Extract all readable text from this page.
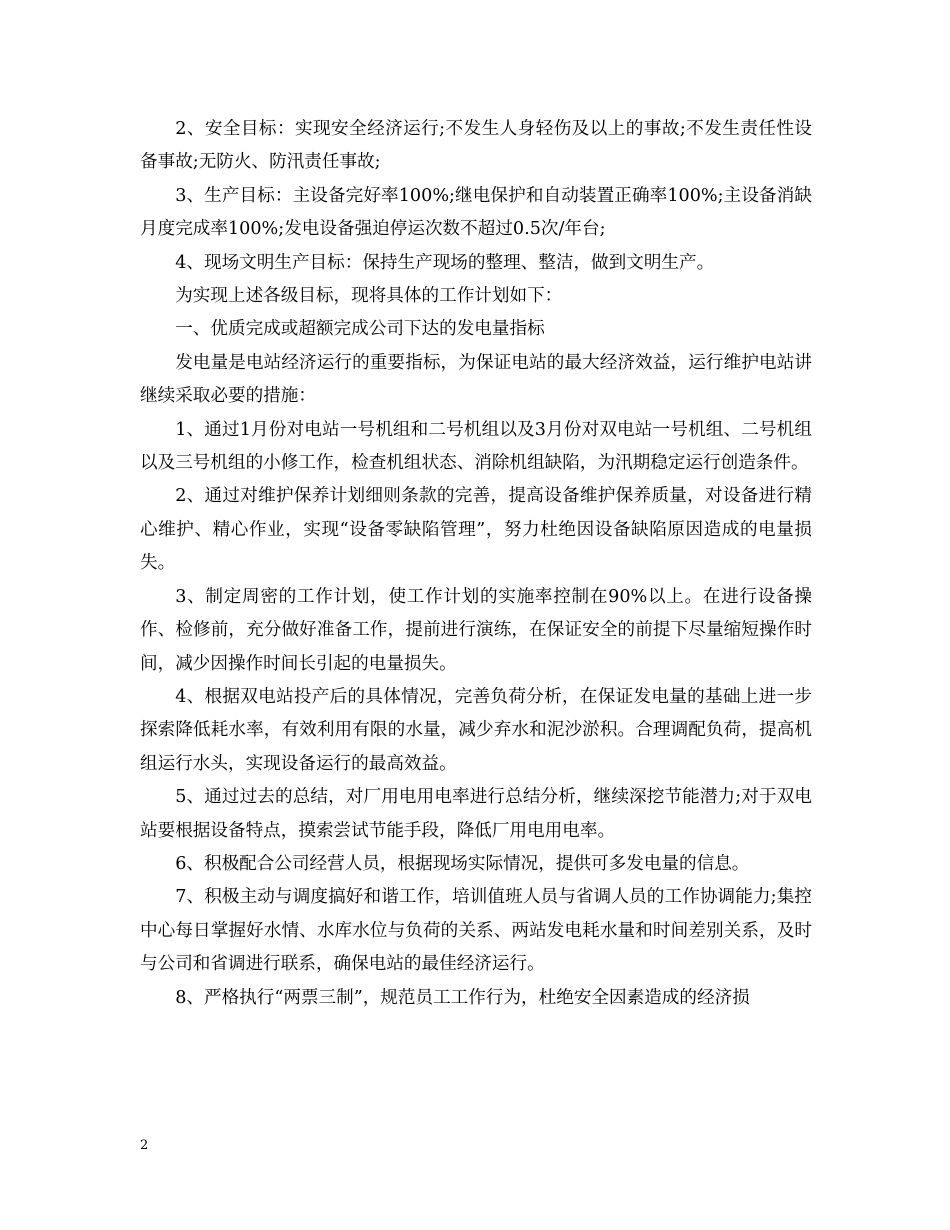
2、安全目标：实现安全经济运行;不发生人身轻伤及以上的事故;不发生责任性设备事故;无防火、防汛责任事故;

3、生产目标：主设备完好率100%;继电保护和自动装置正确率100%;主设备消缺月度完成率100%;发电设备强迫停运次数不超过0.5次/年台;

4、现场文明生产目标：保持生产现场的整理、整洁，做到文明生产。

为实现上述各级目标，现将具体的工作计划如下：

一、优质完成或超额完成公司下达的发电量指标

发电量是电站经济运行的重要指标，为保证电站的最大经济效益，运行维护电站讲继续采取必要的措施：

1、通过1月份对电站一号机组和二号机组以及3月份对双电站一号机组、二号机组以及三号机组的小修工作，检查机组状态、消除机组缺陷，为汛期稳定运行创造条件。

2、通过对维护保养计划细则条款的完善，提高设备维护保养质量，对设备进行精心维护、精心作业，实现“设备零缺陷管理”，努力杜绝因设备缺陷原因造成的电量损失。

3、制定周密的工作计划，使工作计划的实施率控制在90%以上。在进行设备操作、检修前，充分做好准备工作，提前进行演练，在保证安全的前提下尽量缩短操作时间，减少因操作时间长引起的电量损失。

4、根据双电站投产后的具体情况，完善负荷分析，在保证发电量的基础上进一步探索降低耗水率，有效利用有限的水量，减少弃水和泥沙淤积。合理调配负荷，提高机组运行水头，实现设备运行的最高效益。

5、通过过去的总结，对厂用电用电率进行总结分析，继续深挖节能潜力;对于双电站要根据设备特点，摸索尝试节能手段，降低厂用电用电率。

6、积极配合公司经营人员，根据现场实际情况，提供可多发电量的信息。

7、积极主动与调度搞好和谐工作，培训值班人员与省调人员的工作协调能力;集控中心每日掌握好水情、水库水位与负荷的关系、两站发电耗水量和时间差别关系，及时与公司和省调进行联系，确保电站的最佳经济运行。

8、严格执行“两票三制”，规范员工工作行为，杜绝安全因素造成的经济损

2
